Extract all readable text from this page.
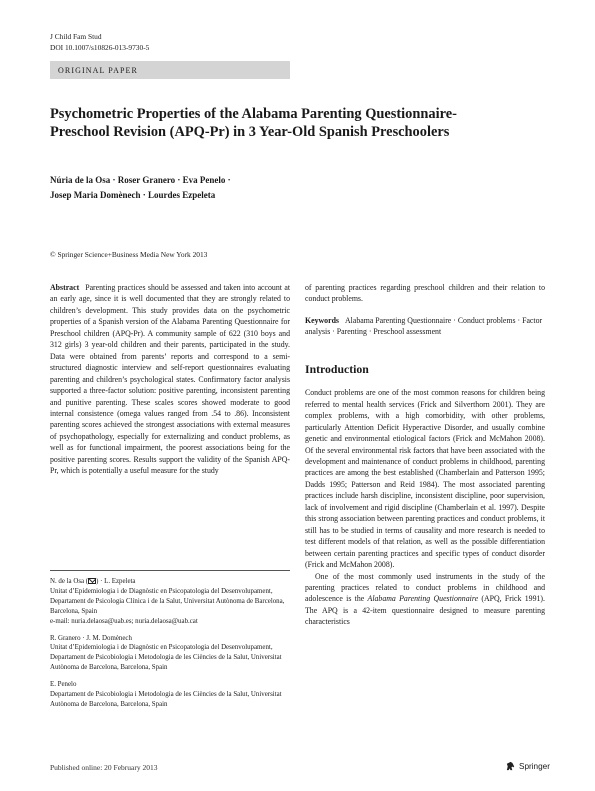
J Child Fam Stud
DOI 10.1007/s10826-013-9730-5
ORIGINAL PAPER
Psychometric Properties of the Alabama Parenting Questionnaire-Preschool Revision (APQ-Pr) in 3 Year-Old Spanish Preschoolers
Núria de la Osa · Roser Granero · Eva Penelo ·
Josep Maria Domènech · Lourdes Ezpeleta
© Springer Science+Business Media New York 2013

Abstract Parenting practices should be assessed and taken into account at an early age, since it is well documented that they are strongly related to children’s development. This study provides data on the psychometric properties of a Spanish version of the Alabama Parenting Questionnaire for Preschool children (APQ-Pr). A community sample of 622 (310 boys and 312 girls) 3 year-old children and their parents, participated in the study. Data were obtained from parents’ reports and correspond to a semi-structured diagnostic interview and self-report questionnaires evaluating parenting and children’s psychological states. Confirmatory factor analysis supported a three-factor solution: positive parenting, inconsistent parenting and punitive parenting. These scales scores showed moderate to good internal consistence (omega values ranged from .54 to .86). Inconsistent parenting scores achieved the strongest associations with external measures of psychopathology, especially for externalizing and conduct problems, as well as for functional impairment, the poorest associations being for the positive parenting scores. Results support the validity of the Spanish APQ-Pr, which is potentially a useful measure for the study

N. de la Osa ( ) · L. Ezpeleta
Unitat d’Epidemiologia i de Diagnòstic en Psicopatologia del Desenvolupament, Departament de Psicologia Clínica i de la Salut, Universitat Autònoma de Barcelona, Barcelona, Spain
e-mail: nuria.delaosa@uab.es; nuria.delaosa@uab.cat
R. Granero · J. M. Domènech
Unitat d’Epidemiologia i de Diagnòstic en Psicopatologia del Desenvolupament, Departament de Psicobiologia i Metodologia de les Ciències de la Salut, Universitat Autònoma de Barcelona, Barcelona, Spain
E. Penelo
Departament de Psicobiologia i Metodologia de les Ciències de la Salut, Universitat Autònoma de Barcelona, Barcelona, Spain

of parenting practices regarding preschool children and their relation to conduct problems.

Keywords Alabama Parenting Questionnaire · Conduct problems · Factor analysis · Parenting · Preschool assessment

Introduction

Conduct problems are one of the most common reasons for children being referred to mental health services (Frick and Silverthorn 2001). They are complex problems, with a high comorbidity, with other problems, particularly Attention Deficit Hyperactive Disorder, and usually combine genetic and environmental etiological factors (Frick and McMahon 2008). Of the several environmental risk factors that have been associated with the development and maintenance of conduct problems in childhood, parenting practices are among the best established (Chamberlain and Patterson 1995; Dadds 1995; Patterson and Reid 1984). The most associated parenting practices include harsh discipline, inconsistent discipline, poor supervision, lack of involvement and rigid discipline (Chamberlain et al. 1997). Despite this strong association between parenting practices and conduct problems, it still has to be studied in terms of causality and more research is needed to test different models of that relation, as well as the possible differentiation between certain parenting practices and specific types of conduct disorder (Frick and McMahon 2008).

One of the most commonly used instruments in the study of the parenting practices related to conduct problems in childhood and adolescence is the Alabama Parenting Questionnaire (APQ, Frick 1991). The APQ is a 42-item questionnaire designed to measure parenting characteristics

Published online: 20 February 2013	Springer
